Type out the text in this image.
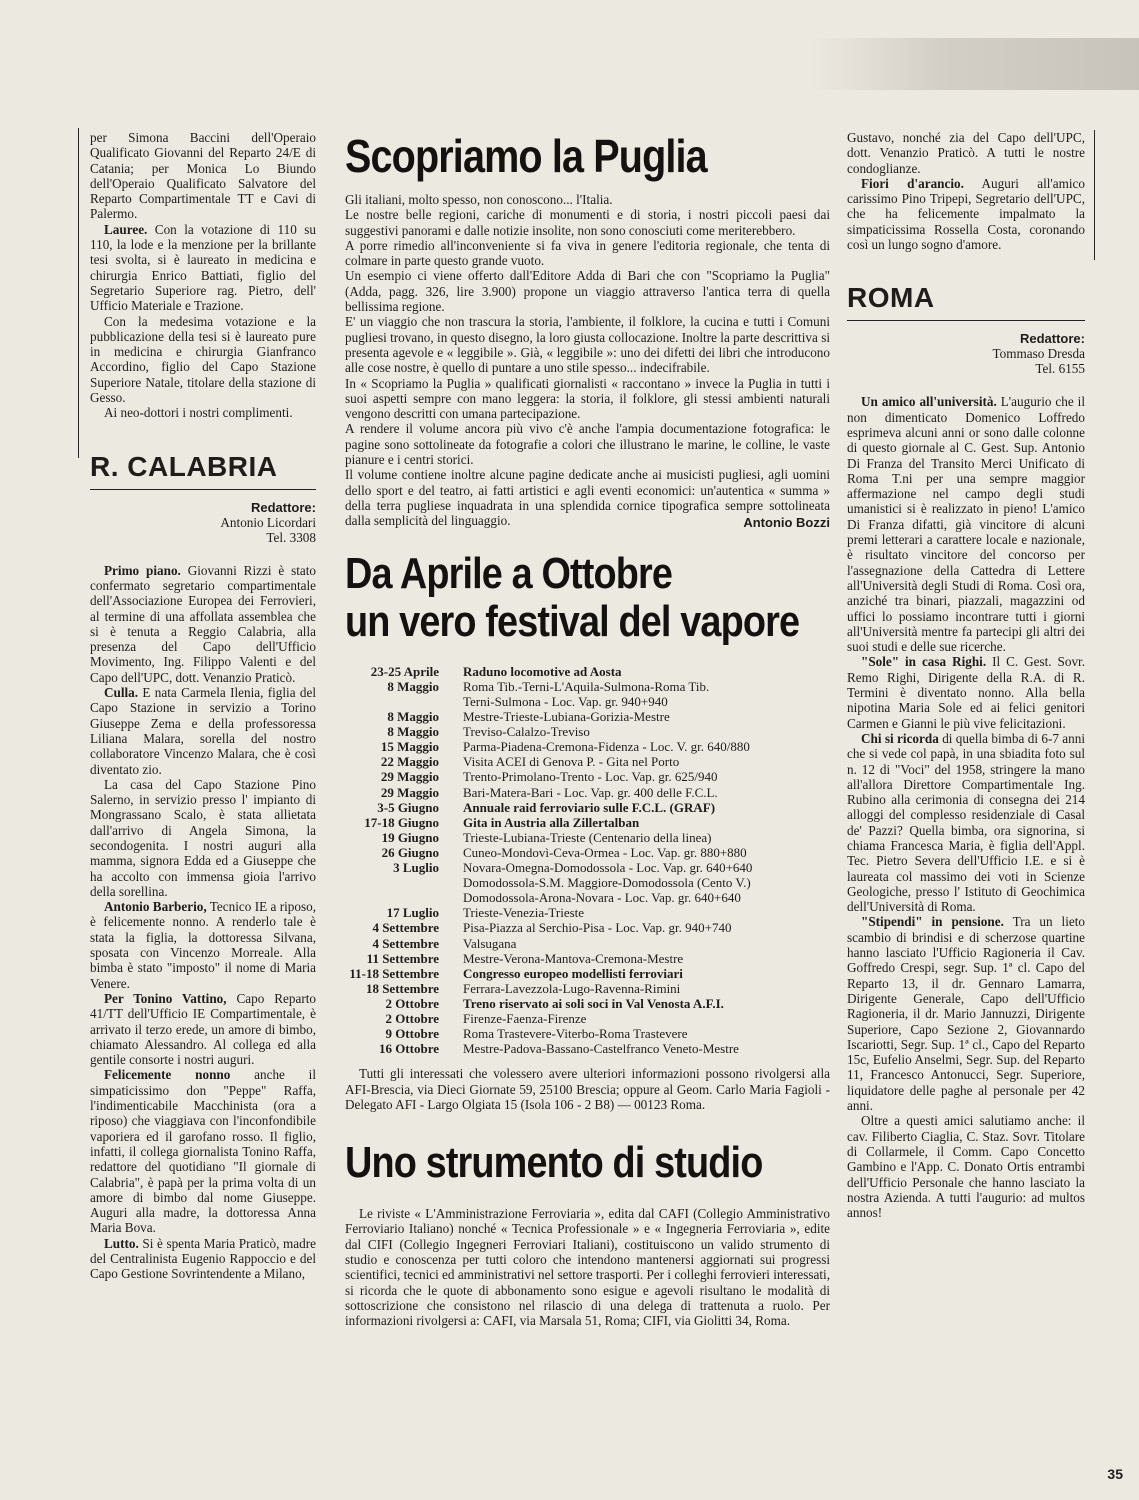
per Simona Baccini dell'Operaio Qualificato Giovanni del Reparto 24/E di Catania; per Monica Lo Biundo dell'Operaio Qualificato Salvatore del Reparto Compartimentale TT e Cavi di Palermo.

Lauree. Con la votazione di 110 su 110, la lode e la menzione per la brillante tesi svolta, si è laureato in medicina e chirurgia Enrico Battiati, figlio del Segretario Superiore rag. Pietro, dell' Ufficio Materiale e Trazione.

Con la medesima votazione e la pubblicazione della tesi si è laureato pure in medicina e chirurgia Gianfranco Accordino, figlio del Capo Stazione Superiore Natale, titolare della stazione di Gesso.

Ai neo-dottori i nostri complimenti.

R. CALABRIA
Redattore:
Antonio Licordari
Tel. 3308

Primo piano. Giovanni Rizzi è stato confermato segretario compartimentale dell'Associazione Europea dei Ferrovieri, al termine di una affollata assemblea che si è tenuta a Reggio Calabria, alla presenza del Capo dell'Ufficio Movimento, Ing. Filippo Valenti e del Capo dell'UPC, dott. Venanzio Praticò.

Culla. E nata Carmela Ilenia, figlia del Capo Stazione in servizio a Torino Giuseppe Zema e della professoressa Liliana Malara, sorella del nostro collaboratore Vincenzo Malara, che è così diventato zio.

La casa del Capo Stazione Pino Salerno, in servizio presso l' impianto di Mongrassano Scalo, è stata allietata dall'arrivo di Angela Simona, la secondogenita. I nostri auguri alla mamma, signora Edda ed a Giuseppe che ha accolto con immensa gioia l'arrivo della sorellina.

Antonio Barberio, Tecnico IE a riposo, è felicemente nonno. A renderlo tale è stata la figlia, la dottoressa Silvana, sposata con Vincenzo Morreale. Alla bimba è stato "imposto" il nome di Maria Venere.

Per Tonino Vattino, Capo Reparto 41/TT dell'Ufficio IE Compartimentale, è arrivato il terzo erede, un amore di bimbo, chiamato Alessandro. Al collega ed alla gentile consorte i nostri auguri.

Felicemente nonno anche il simpaticissimo don "Peppe" Raffa, l'indimenticabile Macchinista (ora a riposo) che viaggiava con l'inconfondibile vaporiera ed il garofano rosso. Il figlio, infatti, il collega giornalista Tonino Raffa, redattore del quotidiano "Il giornale di Calabria", è papà per la prima volta di un amore di bimbo dal nome Giuseppe. Auguri alla madre, la dottoressa Anna Maria Bova.

Lutto. Si è spenta Maria Praticò, madre del Centralinista Eugenio Rappoccio e del Capo Gestione Sovrintendente a Milano,

Scopriamo la Puglia

Gli italiani, molto spesso, non conoscono... l'Italia.

Le nostre belle regioni, cariche di monumenti e di storia, i nostri piccoli paesi dai suggestivi panorami e dalle notizie insolite, non sono conosciuti come meriterebbero.

A porre rimedio all'inconveniente si fa viva in genere l'editoria regionale, che tenta di colmare in parte questo grande vuoto.

Un esempio ci viene offerto dall'Editore Adda di Bari che con "Scopriamo la Puglia" (Adda, pagg. 326, lire 3.900) propone un viaggio attraverso l'antica terra di quella bellissima regione.

E' un viaggio che non trascura la storia, l'ambiente, il folklore, la cucina e tutti i Comuni pugliesi trovano, in questo disegno, la loro giusta collocazione. Inoltre la parte descrittiva si presenta agevole e « leggibile ». Già, « leggibile »: uno dei difetti dei libri che introducono alle cose nostre, è quello di puntare a uno stile spesso... indecifrabile.

In « Scopriamo la Puglia » qualificati giornalisti « raccontano » invece la Puglia in tutti i suoi aspetti sempre con mano leggera: la storia, il folklore, gli stessi ambienti naturali vengono descritti con umana partecipazione.

A rendere il volume ancora più vivo c'è anche l'ampia documentazione fotografica: le pagine sono sottolineate da fotografie a colori che illustrano le marine, le colline, le vaste pianure e i centri storici.

Il volume contiene inoltre alcune pagine dedicate anche ai musicisti pugliesi, agli uomini dello sport e del teatro, ai fatti artistici e agli eventi economici: un'autentica « summa » della terra pugliese inquadrata in una splendida cornice tipografica sempre sottolineata dalla semplicità del linguaggio.	Antonio Bozzi
Da Aprile a Ottobre
un vero festival del vapore
23-25 Aprile	Raduno locomotive ad Aosta
8 Maggio	Roma Tib.-Terni-L'Aquila-Sulmona-Roma Tib.
	Terni-Sulmona - Loc. Vap. gr. 940+940
8 Maggio	Mestre-Trieste-Lubiana-Gorizia-Mestre
8 Maggio	Treviso-Calalzo-Treviso
15 Maggio	Parma-Piadena-Cremona-Fidenza - Loc. V. gr. 640/880
22 Maggio	Visita ACEI di Genova P. - Gita nel Porto
29 Maggio	Trento-Primolano-Trento - Loc. Vap. gr. 625/940
29 Maggio	Bari-Matera-Bari - Loc. Vap. gr. 400 delle F.C.L.
3-5 Giugno	Annuale raid ferroviario sulle F.C.L. (GRAF)
17-18 Giugno	Gita in Austria alla Zillertalban
19 Giugno	Trieste-Lubiana-Trieste (Centenario della linea)
26 Giugno	Cuneo-Mondovì-Ceva-Ormea - Loc. Vap. gr. 880+880
3 Luglio	Novara-Omegna-Domodossola - Loc. Vap. gr. 640+640
	Domodossola-S.M. Maggiore-Domodossola (Cento V.)
	Domodossola-Arona-Novara - Loc. Vap. gr. 640+640
17 Luglio	Trieste-Venezia-Trieste
4 Settembre	Pisa-Piazza al Serchio-Pisa - Loc. Vap. gr. 940+740
4 Settembre	Valsugana
11 Settembre	Mestre-Verona-Mantova-Cremona-Mestre
11-18 Settembre	Congresso europeo modellisti ferroviari
18 Settembre	Ferrara-Lavezzola-Lugo-Ravenna-Rimini
2 Ottobre	Treno riservato ai soli soci in Val Venosta A.F.I.
2 Ottobre	Firenze-Faenza-Firenze
9 Ottobre	Roma Trastevere-Viterbo-Roma Trastevere
16 Ottobre	Mestre-Padova-Bassano-Castelfranco Veneto-Mestre

Tutti gli interessati che volessero avere ulteriori informazioni possono rivolgersi alla AFI-Brescia, via Dieci Giornate 59, 25100 Brescia; oppure al Geom. Carlo Maria Fagioli - Delegato AFI - Largo Olgiata 15 (Isola 106 - 2 B8) — 00123 Roma.

Uno strumento di studio

Le riviste « L'Amministrazione Ferroviaria », edita dal CAFI (Collegio Amministrativo Ferroviario Italiano) nonché « Tecnica Professionale » e « Ingegneria Ferroviaria », edite dal CIFI (Collegio Ingegneri Ferroviari Italiani), costituiscono un valido strumento di studio e conoscenza per tutti coloro che intendono mantenersi aggiornati sui progressi scientifici, tecnici ed amministrativi nel settore trasporti. Per i colleghi ferrovieri interessati, si ricorda che le quote di abbonamento sono esigue e agevoli risultano le modalità di sottoscrizione che consistono nel rilascio di una delega di trattenuta a ruolo. Per informazioni rivolgersi a: CAFI, via Marsala 51, Roma; CIFI, via Giolitti 34, Roma.

Gustavo, nonché zia del Capo dell'UPC, dott. Venanzio Praticò. A tutti le nostre condoglianze.

Fiori d'arancio. Auguri all'amico carissimo Pino Tripepi, Segretario dell'UPC, che ha felicemente impalmato la simpaticissima Rossella Costa, coronando così un lungo sogno d'amore.

ROMA
Redattore:
Tommaso Dresda
Tel. 6155

Un amico all'università. L'augurio che il non dimenticato Domenico Loffredo esprimeva alcuni anni or sono dalle colonne di questo giornale al C. Gest. Sup. Antonio Di Franza del Transito Merci Unificato di Roma T.ni per una sempre maggior affermazione nel campo degli studi umanistici si è realizzato in pieno! L'amico Di Franza difatti, già vincitore di alcuni premi letterari a carattere locale e nazionale, è risultato vincitore del concorso per l'assegnazione della Cattedra di Lettere all'Università degli Studi di Roma. Così ora, anziché tra binari, piazzali, magazzini od uffici lo possiamo incontrare tutti i giorni all'Università mentre fa partecipi gli altri dei suoi studi e delle sue ricerche.

"Sole" in casa Righi. Il C. Gest. Sovr. Remo Righi, Dirigente della R.A. di R. Termini è diventato nonno. Alla bella nipotina Maria Sole ed ai felici genitori Carmen e Gianni le più vive felicitazioni.

Chi si ricorda di quella bimba di 6-7 anni che si vede col papà, in una sbiadita foto sul n. 12 di "Voci" del 1958, stringere la mano all'allora Direttore Compartimentale Ing. Rubino alla cerimonia di consegna dei 214 alloggi del complesso residenziale di Casal de' Pazzi? Quella bimba, ora signorina, si chiama Francesca Maria, è figlia dell'Appl. Tec. Pietro Severa dell'Ufficio I.E. e si è laureata col massimo dei voti in Scienze Geologiche, presso l' Istituto di Geochimica dell'Università di Roma.

"Stipendi" in pensione. Tra un lieto scambio di brindisi e di scherzose quartine hanno lasciato l'Ufficio Ragioneria il Cav. Goffredo Crespi, segr. Sup. 1ª cl. Capo del Reparto 13, il dr. Gennaro Lamarra, Dirigente Generale, Capo dell'Ufficio Ragioneria, il dr. Mario Jannuzzi, Dirigente Superiore, Capo Sezione 2, Giovannardo Iscariotti, Segr. Sup. 1ª cl., Capo del Reparto 15c, Eufelio Anselmi, Segr. Sup. del Reparto 11, Francesco Antonucci, Segr. Superiore, liquidatore delle paghe al personale per 42 anni.

Oltre a questi amici salutiamo anche: il cav. Filiberto Ciaglia, C. Staz. Sovr. Titolare di Collarmele, il Comm. Capo Concetto Gambino e l'App. C. Donato Ortis entrambi dell'Ufficio Personale che hanno lasciato la nostra Azienda. A tutti l'augurio: ad multos annos!

35
